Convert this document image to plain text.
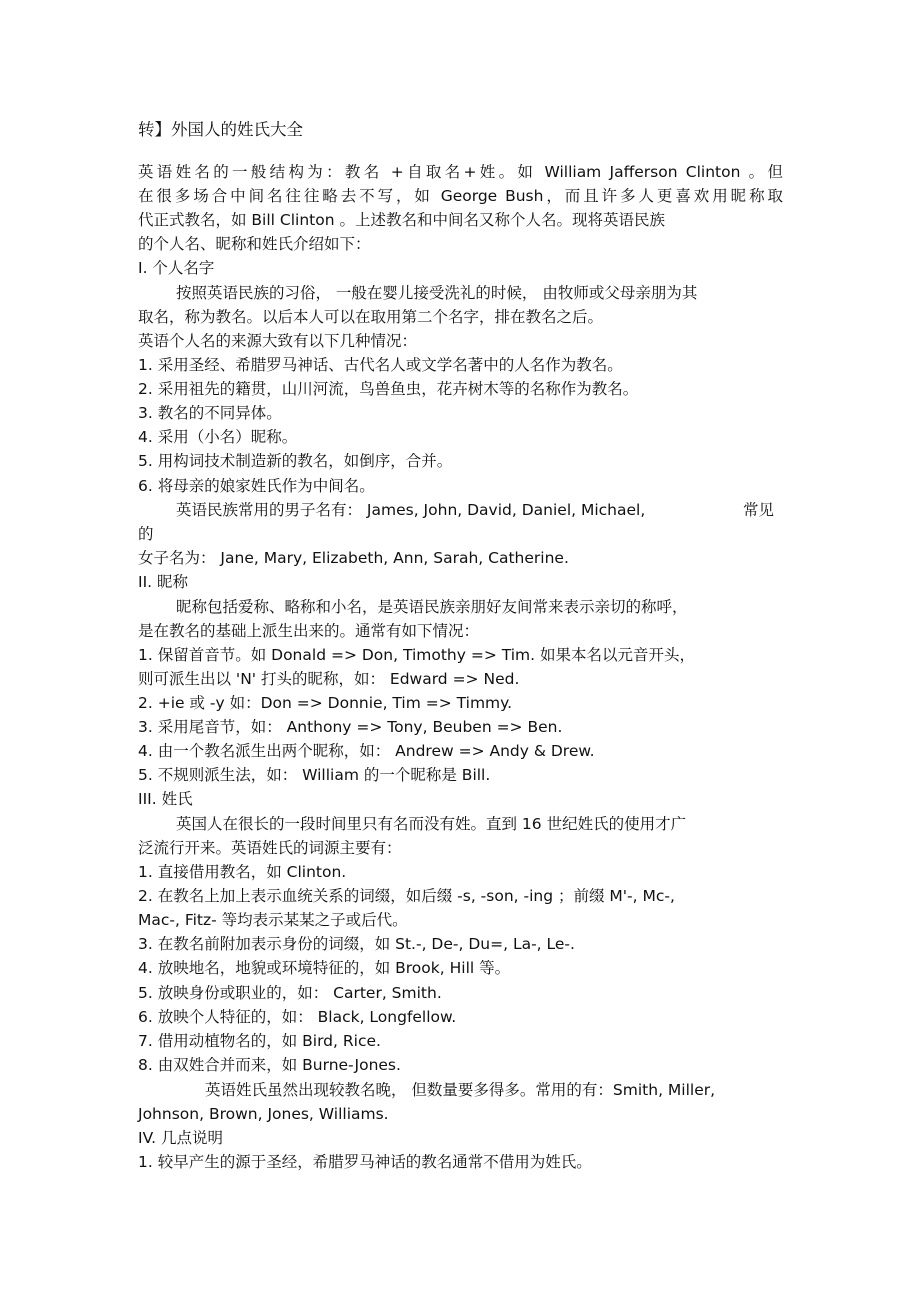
转】外国人的姓氏大全
英语姓名的一般结构为：教名 +自取名+姓。如 William Jafferson Clinton 。但
在很多场合中间名往往略去不写，如 George Bush，而且许多人更喜欢用昵称取
代正式教名，如 Bill Clinton 。上述教名和中间名又称个人名。现将英语民族
的个人名、昵称和姓氏介绍如下：
I. 个人名字
按照英语民族的习俗， 一般在婴儿接受洗礼的时候， 由牧师或父母亲朋为其
取名，称为教名。以后本人可以在取用第二个名字，排在教名之后。
英语个人名的来源大致有以下几种情况：
1. 采用圣经、希腊罗马神话、古代名人或文学名著中的人名作为教名。
2. 采用祖先的籍贯，山川河流，鸟兽鱼虫，花卉树木等的名称作为教名。
3. 教名的不同异体。
4. 采用（小名）昵称。
5. 用构词技术制造新的教名，如倒序，合并。
6. 将母亲的娘家姓氏作为中间名。
英语民族常用的男子名有： James, John, David, Daniel, Michael,	常见
的
女子名为： Jane, Mary, Elizabeth, Ann, Sarah, Catherine.
II. 昵称
昵称包括爱称、略称和小名，是英语民族亲朋好友间常来表示亲切的称呼，
是在教名的基础上派生出来的。通常有如下情况：
1. 保留首音节。如 Donald => Don, Timothy => Tim. 如果本名以元音开头，
则可派生出以 'N' 打头的昵称，如： Edward => Ned.
2. +ie 或 -y 如：Don => Donnie, Tim => Timmy.
3. 采用尾音节，如： Anthony => Tony, Beuben => Ben.
4. 由一个教名派生出两个昵称，如： Andrew => Andy & Drew.
5. 不规则派生法，如： William 的一个昵称是 Bill.
III. 姓氏
英国人在很长的一段时间里只有名而没有姓。直到 16 世纪姓氏的使用才广
泛流行开来。英语姓氏的词源主要有：
1. 直接借用教名，如 Clinton.
2. 在教名上加上表示血统关系的词缀，如后缀 -s, -son, -ing ；前缀 M'-, Mc-,
Mac-, Fitz- 等均表示某某之子或后代。
3. 在教名前附加表示身份的词缀，如 St.-, De-, Du=, La-, Le-.
4. 放映地名，地貌或环境特征的，如 Brook, Hill 等。
5. 放映身份或职业的，如： Carter, Smith.
6. 放映个人特征的，如： Black, Longfellow.
7. 借用动植物名的，如 Bird, Rice.
8. 由双姓合并而来，如 Burne-Jones.
英语姓氏虽然出现较教名晚， 但数量要多得多。常用的有：Smith, Miller,
Johnson, Brown, Jones, Williams.
IV. 几点说明
1. 较早产生的源于圣经，希腊罗马神话的教名通常不借用为姓氏。
